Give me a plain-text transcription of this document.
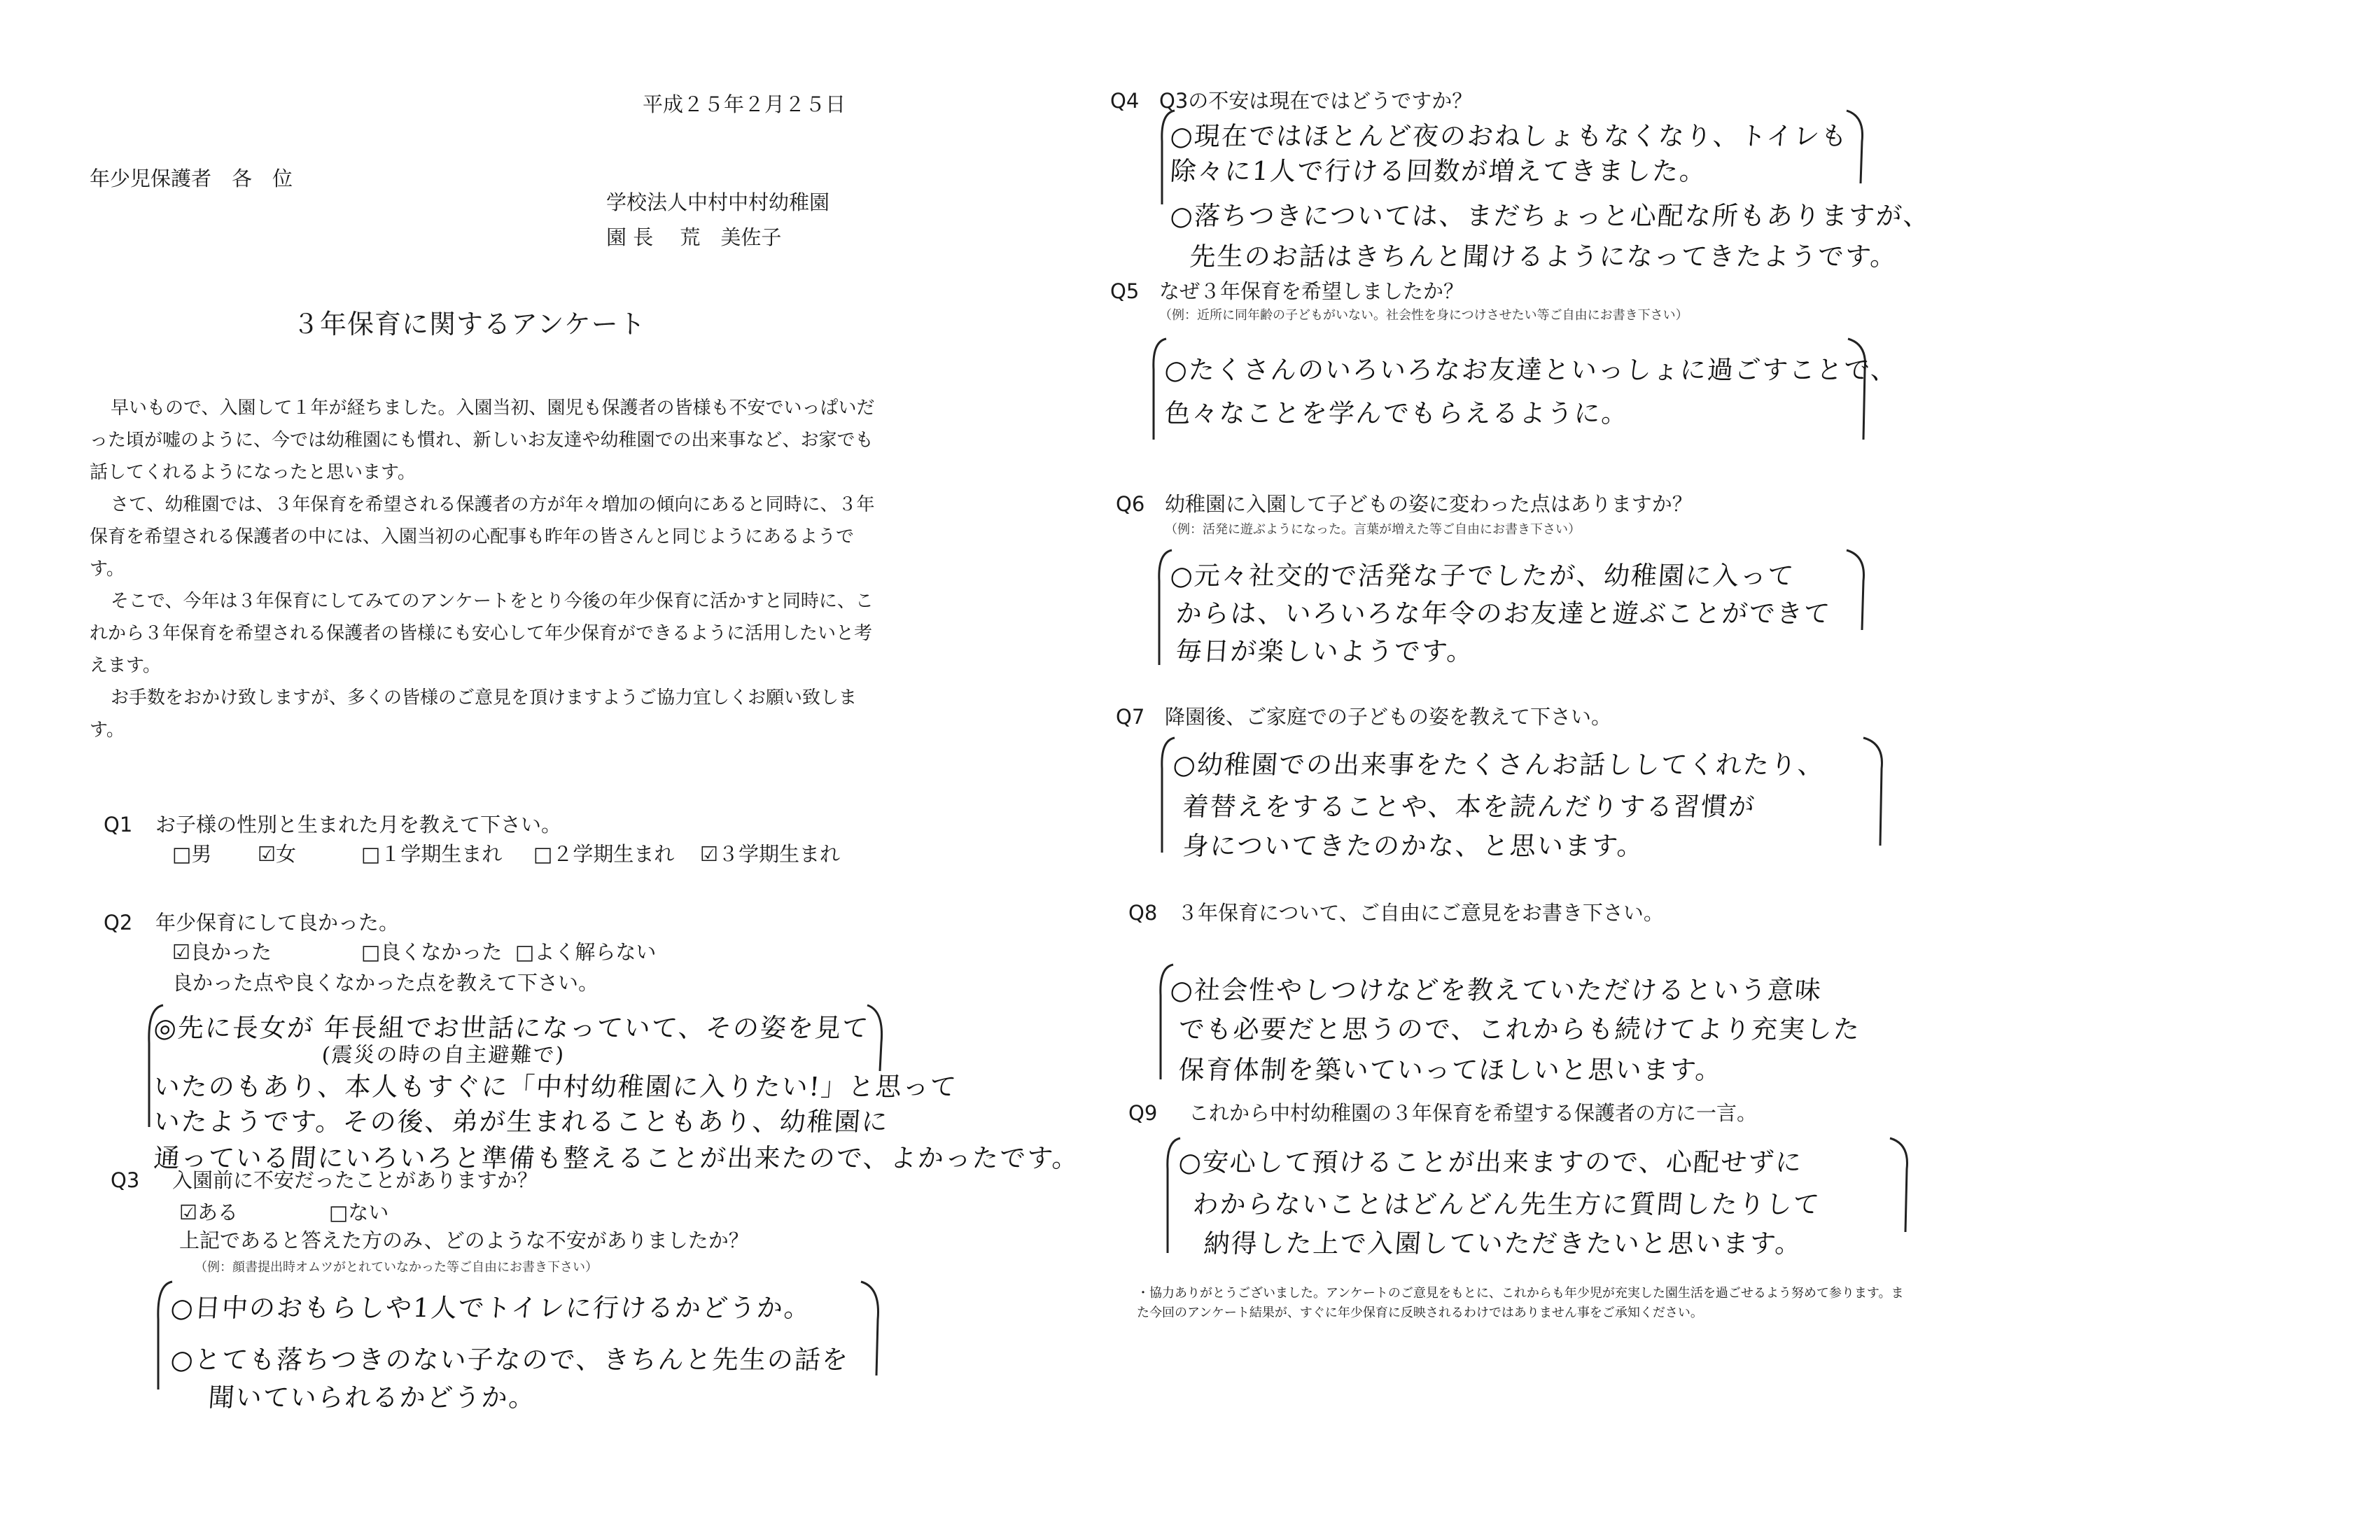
平成２５年２月２５日
年少児保護者　各　位
学校法人中村中村幼稚園
園 長　 荒　美佐子
３年保育に関するアンケート
早いもので、入園して１年が経ちました。入園当初、園児も保護者の皆様も不安でいっぱいだった頃が嘘のように、今では幼稚園にも慣れ、新しいお友達や幼稚園での出来事など、お家でも話してくれるようになったと思います。
さて、幼稚園では、３年保育を希望される保護者の方が年々増加の傾向にあると同時に、３年保育を希望される保護者の中には、入園当初の心配事も昨年の皆さんと同じようにあるようです。
そこで、今年は３年保育にしてみてのアンケートをとり今後の年少保育に活かすと同時に、これから３年保育を希望される保護者の皆様にも安心して年少保育ができるように活用したいと考えます。
お手数をおかけ致しますが、多くの皆様のご意見を頂けますようご協力宜しくお願い致します。
Q1 お子様の性別と生まれた月を教えて下さい。
□男 ☑女	□１学期生まれ □２学期生まれ ☑３学期生まれ
Q2 年少保育にして良かった。
☑良かった	□良くなかった □よく解らない
良かった点や良くなかった点を教えて下さい。
◎先に長女が 年長組でお世話になっていて、その姿を見て
(震災の時の自主避難で)
いたのもあり、本人もすぐに「中村幼稚園に入りたい!」と思って
いたようです。その後、弟が生まれることもあり、幼稚園に
通っている間にいろいろと準備も整えることが出来たので、よかったです。
Q3 入園前に不安だったことがありますか？
☑ある	□ない
上記であると答えた方のみ、どのような不安がありましたか？
（例：顔書提出時オムツがとれていなかった等ご自由にお書き下さい）
○日中のおもらしや1人でトイレに行けるかどうか。
○とても落ちつきのない子なので、きちんと先生の話を
聞いていられるかどうか。
Q4 Q3の不安は現在ではどうですか？
○現在ではほとんど夜のおねしょもなくなり、トイレも
除々に1人で行ける回数が増えてきました。
○落ちつきについては、まだちょっと心配な所もありますが、
先生のお話はきちんと聞けるようになってきたようです。
Q5 なぜ３年保育を希望しましたか？
（例：近所に同年齢の子どもがいない。社会性を身につけさせたい等ご自由にお書き下さい）
○たくさんのいろいろなお友達といっしょに過ごすことで、
色々なことを学んでもらえるように。
Q6 幼稚園に入園して子どもの姿に変わった点はありますか？
（例：活発に遊ぶようになった。言葉が増えた等ご自由にお書き下さい）
○元々社交的で活発な子でしたが、幼稚園に入って
からは、いろいろな年令のお友達と遊ぶことができて
毎日が楽しいようです。
Q7 降園後、ご家庭での子どもの姿を教えて下さい。
○幼稚園での出来事をたくさんお話ししてくれたり、
着替えをすることや、本を読んだりする習慣が
身についてきたのかな、と思います。
Q8 ３年保育について、ご自由にご意見をお書き下さい。
○社会性やしつけなどを教えていただけるという意味
でも必要だと思うので、これからも続けてより充実した
保育体制を築いていってほしいと思います。
Q9 これから中村幼稚園の３年保育を希望する保護者の方に一言。
○安心して預けることが出来ますので、心配せずに
わからないことはどんどん先生方に質問したりして
納得した上で入園していただきたいと思います。
・協力ありがとうございました。アンケートのご意見をもとに、これからも年少児が充実した園生活を過ごせるよう努めて参ります。また今回のアンケート結果が、すぐに年少保育に反映されるわけではありません事をご承知ください。
